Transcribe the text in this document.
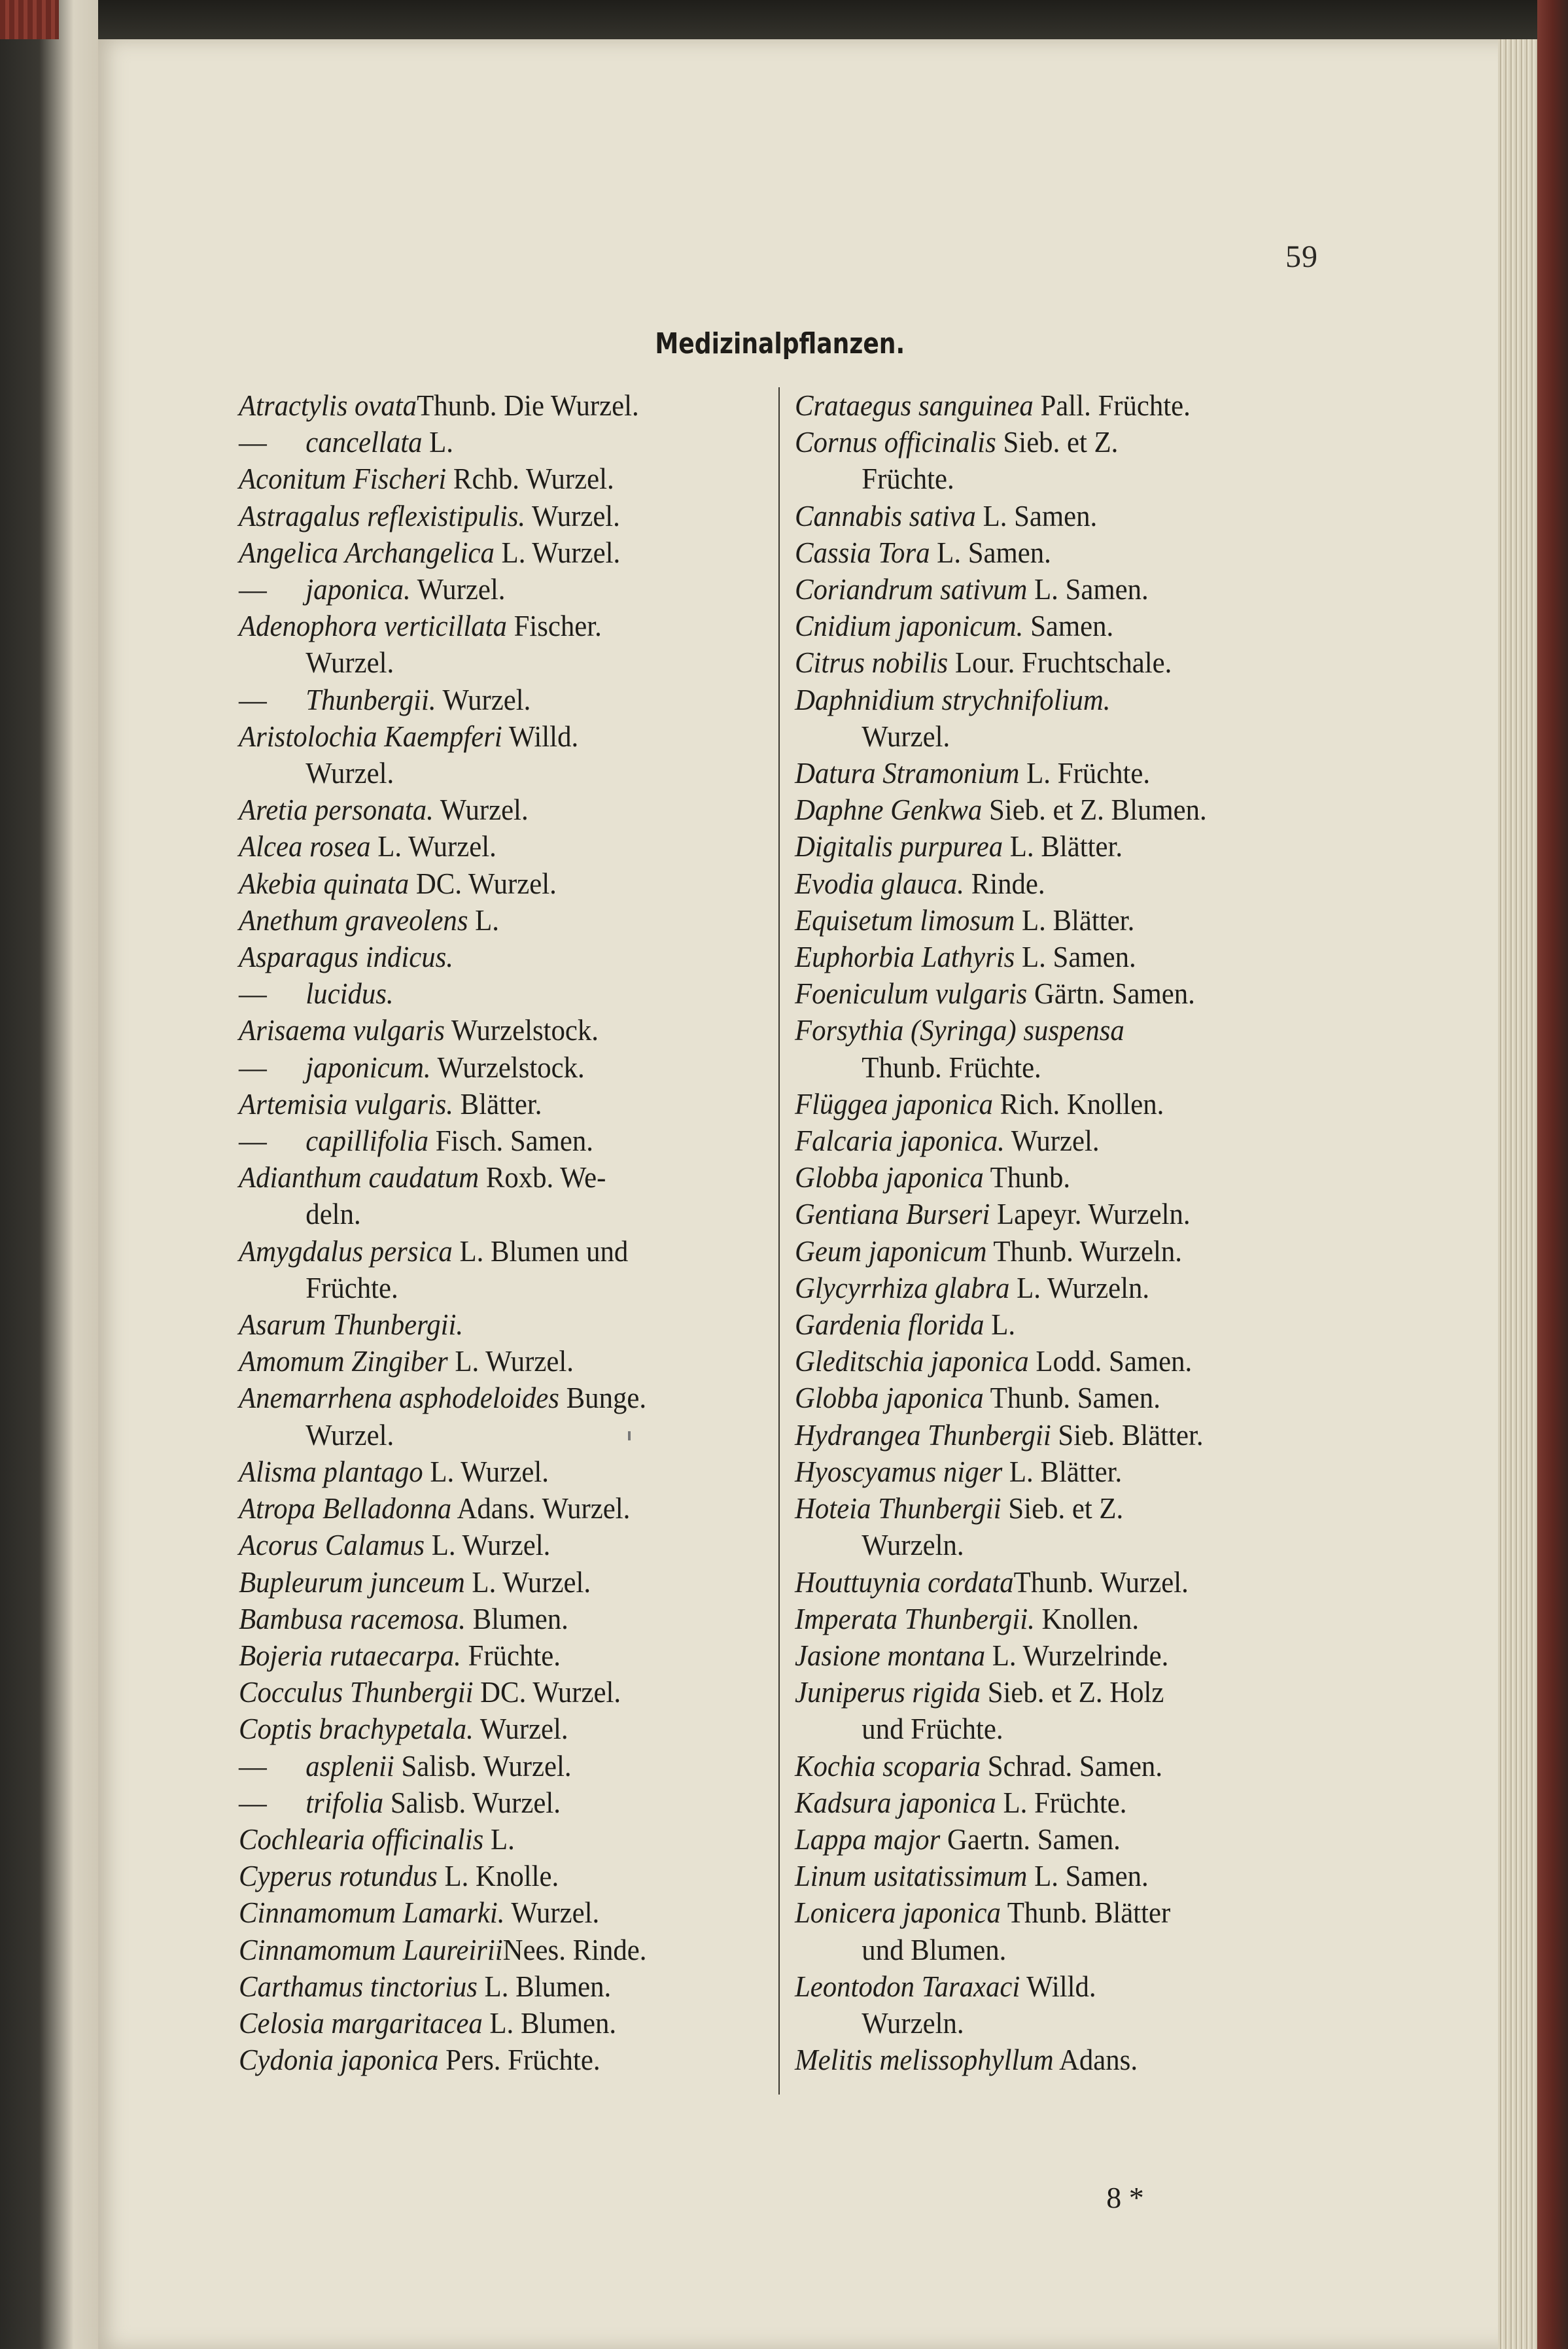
59
Medizinalpflanzen.

Atractylis ovataThunb. Die Wurzel.

— cancellata L.

Aconitum Fischeri Rchb. Wurzel.

Astragalus reflexistipulis. Wurzel.

Angelica Archangelica L. Wurzel.

— japonica. Wurzel.

Adenophora verticillata Fischer.

Wurzel.

— Thunbergii. Wurzel.

Aristolochia Kaempferi Willd.

Wurzel.

Aretia personata. Wurzel.

Alcea rosea L. Wurzel.

Akebia quinata DC. Wurzel.

Anethum graveolens L.

Asparagus indicus.

— lucidus.

Arisaema vulgaris Wurzelstock.

— japonicum. Wurzelstock.

Artemisia vulgaris. Blätter.

— capillifolia Fisch. Samen.

Adianthum caudatum Roxb. We-

deln.

Amygdalus persica L. Blumen und

Früchte.

Asarum Thunbergii.

Amomum Zingiber L. Wurzel.

Anemarrhena asphodeloides Bunge.

Wurzel.

Alisma plantago L. Wurzel.

Atropa Belladonna Adans. Wurzel.

Acorus Calamus L. Wurzel.

Bupleurum junceum L. Wurzel.

Bambusa racemosa. Blumen.

Bojeria rutaecarpa. Früchte.

Cocculus Thunbergii DC. Wurzel.

Coptis brachypetala. Wurzel.

— asplenii Salisb. Wurzel.

— trifolia Salisb. Wurzel.

Cochlearia officinalis L.

Cyperus rotundus L. Knolle.

Cinnamomum Lamarki. Wurzel.

Cinnamomum LaureiriiNees. Rinde.

Carthamus tinctorius L. Blumen.

Celosia margaritacea L. Blumen.

Cydonia japonica Pers. Früchte.

Crataegus sanguinea Pall. Früchte.

Cornus officinalis Sieb. et Z.

Früchte.

Cannabis sativa L. Samen.

Cassia Tora L. Samen.

Coriandrum sativum L. Samen.

Cnidium japonicum. Samen.

Citrus nobilis Lour. Fruchtschale.

Daphnidium strychnifolium.

Wurzel.

Datura Stramonium L. Früchte.

Daphne Genkwa Sieb. et Z. Blumen.

Digitalis purpurea L. Blätter.

Evodia glauca. Rinde.

Equisetum limosum L. Blätter.

Euphorbia Lathyris L. Samen.

Foeniculum vulgaris Gärtn. Samen.

Forsythia (Syringa) suspensa

Thunb. Früchte.

Flüggea japonica Rich. Knollen.

Falcaria japonica. Wurzel.

Globba japonica Thunb.

Gentiana Burseri Lapeyr. Wurzeln.

Geum japonicum Thunb. Wurzeln.

Glycyrrhiza glabra L. Wurzeln.

Gardenia florida L.

Gleditschia japonica Lodd. Samen.

Globba japonica Thunb. Samen.

Hydrangea Thunbergii Sieb. Blätter.

Hyoscyamus niger L. Blätter.

Hoteia Thunbergii Sieb. et Z.

Wurzeln.

Houttuynia cordataThunb. Wurzel.

Imperata Thunbergii. Knollen.

Jasione montana L. Wurzelrinde.

Juniperus rigida Sieb. et Z. Holz

und Früchte.

Kochia scoparia Schrad. Samen.

Kadsura japonica L. Früchte.

Lappa major Gaertn. Samen.

Linum usitatissimum L. Samen.

Lonicera japonica Thunb. Blätter

und Blumen.

Leontodon Taraxaci Willd.

Wurzeln.

Melitis melissophyllum Adans.

8 *
